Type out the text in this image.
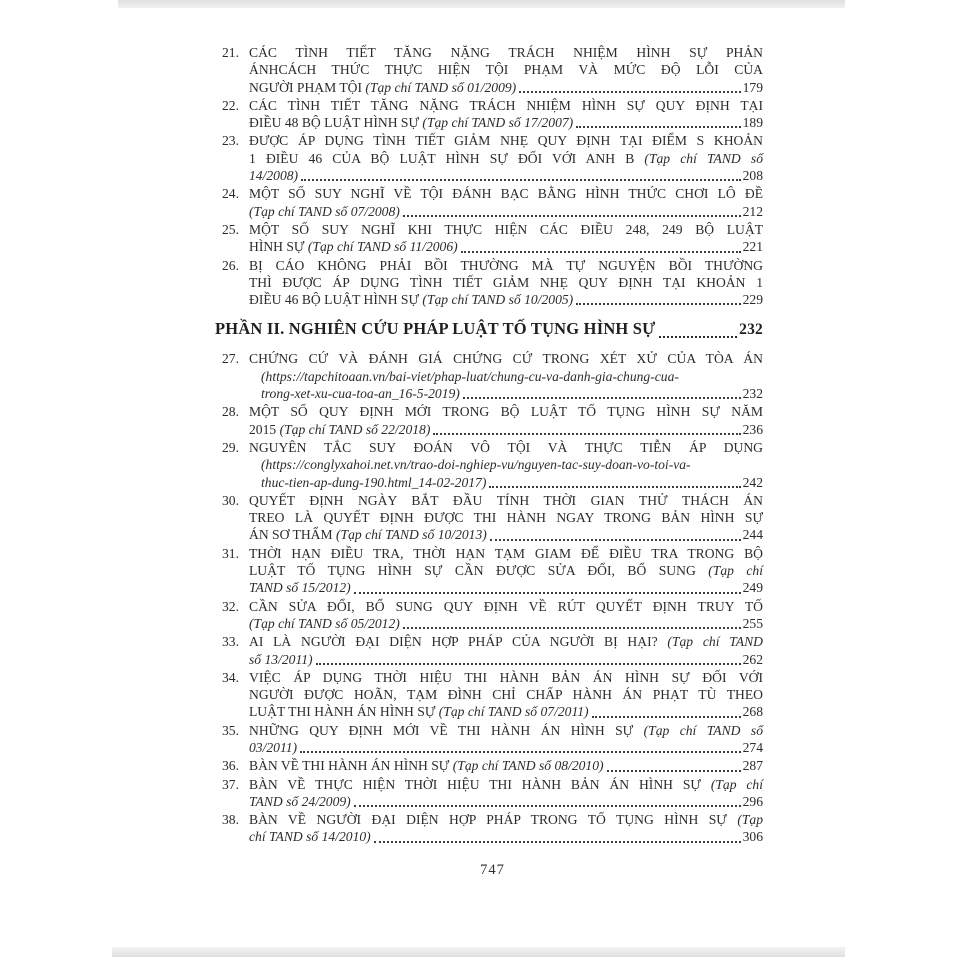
21. CÁC TÌNH TIẾT TĂNG NẶNG TRÁCH NHIỆM HÌNH SỰ PHẢN
ÁNHCÁCH THỨC THỰC HIỆN TỘI PHẠM VÀ MỨC ĐỘ LỖI CỦA
NGƯỜI PHẠM TỘI (Tạp chí TAND số 01/2009)	179
22. CÁC TÌNH TIẾT TĂNG NẶNG TRÁCH NHIỆM HÌNH SỰ QUY ĐỊNH TẠI
ĐIỀU 48 BỘ LUẬT HÌNH SỰ (Tạp chí TAND số 17/2007)	189
23. ĐƯỢC ÁP DỤNG TÌNH TIẾT GIẢM NHẸ QUY ĐỊNH TẠI ĐIỂM S KHOẢN
1 ĐIỀU 46 CỦA BỘ LUẬT HÌNH SỰ ĐỐI VỚI ANH B (Tạp chí TAND số
14/2008)	208
24. MỘT SỐ SUY NGHĨ VỀ TỘI ĐÁNH BẠC BẰNG HÌNH THỨC CHƠI LÔ ĐỀ
(Tạp chí TAND số 07/2008)	212
25. MỘT SỐ SUY NGHĨ KHI THỰC HIỆN CÁC ĐIỀU 248, 249 BỘ LUẬT
HÌNH SỰ (Tạp chí TAND số 11/2006)	221
26. BỊ CÁO KHÔNG PHẢI BỒI THƯỜNG MÀ TỰ NGUYỆN BỒI THƯỜNG
THÌ ĐƯỢC ÁP DỤNG TÌNH TIẾT GIẢM NHẸ QUY ĐỊNH TẠI KHOẢN 1
ĐIỀU 46 BỘ LUẬT HÌNH SỰ (Tạp chí TAND số 10/2005)	229
PHẦN II. NGHIÊN CỨU PHÁP LUẬT TỐ TỤNG HÌNH SỰ	232
27. CHỨNG CỨ VÀ ĐÁNH GIÁ CHỨNG CỨ TRONG XÉT XỬ CỦA TÒA ÁN
(https://tapchitoaan.vn/bai-viet/phap-luat/chung-cu-va-danh-gia-chung-cua-
trong-xet-xu-cua-toa-an_16-5-2019)	232
28. MỘT SỐ QUY ĐỊNH MỚI TRONG BỘ LUẬT TỐ TỤNG HÌNH SỰ NĂM
2015 (Tạp chí TAND số 22/2018)	236
29. NGUYÊN TẮC SUY ĐOÁN VÔ TỘI VÀ THỰC TIỄN ÁP DỤNG
(https://conglyxahoi.net.vn/trao-doi-nghiep-vu/nguyen-tac-suy-doan-vo-toi-va-
thuc-tien-ap-dung-190.html_14-02-2017)	242
30. QUYẾT ĐỊNH NGÀY BẮT ĐẦU TÍNH THỜI GIAN THỬ THÁCH ÁN
TREO LÀ QUYẾT ĐỊNH ĐƯỢC THI HÀNH NGAY TRONG BẢN HÌNH SỰ
ÁN SƠ THẨM (Tạp chí TAND số 10/2013)	244
31. THỜI HẠN ĐIỀU TRA, THỜI HẠN TẠM GIAM ĐỂ ĐIỀU TRA TRONG BỘ
LUẬT TỐ TỤNG HÌNH SỰ CẦN ĐƯỢC SỬA ĐỔI, BỔ SUNG (Tạp chí
TAND số 15/2012)	249
32. CẦN SỬA ĐỔI, BỔ SUNG QUY ĐỊNH VỀ RÚT QUYẾT ĐỊNH TRUY TỐ
(Tạp chí TAND số 05/2012)	255
33. AI LÀ NGƯỜI ĐẠI DIỆN HỢP PHÁP CỦA NGƯỜI BỊ HẠI? (Tạp chí TAND
số 13/2011)	262
34. VIỆC ÁP DỤNG THỜI HIỆU THI HÀNH BẢN ÁN HÌNH SỰ ĐỐI VỚI
NGƯỜI ĐƯỢC HOÃN, TẠM ĐÌNH CHỈ CHẤP HÀNH ÁN PHẠT TÙ THEO
LUẬT THI HÀNH ÁN HÌNH SỰ (Tạp chí TAND số 07/2011)	268
35. NHỮNG QUY ĐỊNH MỚI VỀ THI HÀNH ÁN HÌNH SỰ (Tạp chí TAND số
03/2011)	274
36. BÀN VỀ THI HÀNH ÁN HÌNH SỰ (Tạp chí TAND số 08/2010)	287
37. BÀN VỀ THỰC HIỆN THỜI HIỆU THI HÀNH BẢN ÁN HÌNH SỰ (Tạp chí
TAND số 24/2009)	296
38. BÀN VỀ NGƯỜI ĐẠI DIỆN HỢP PHÁP TRONG TỐ TỤNG HÌNH SỰ (Tạp
chí TAND số 14/2010)	306
747
